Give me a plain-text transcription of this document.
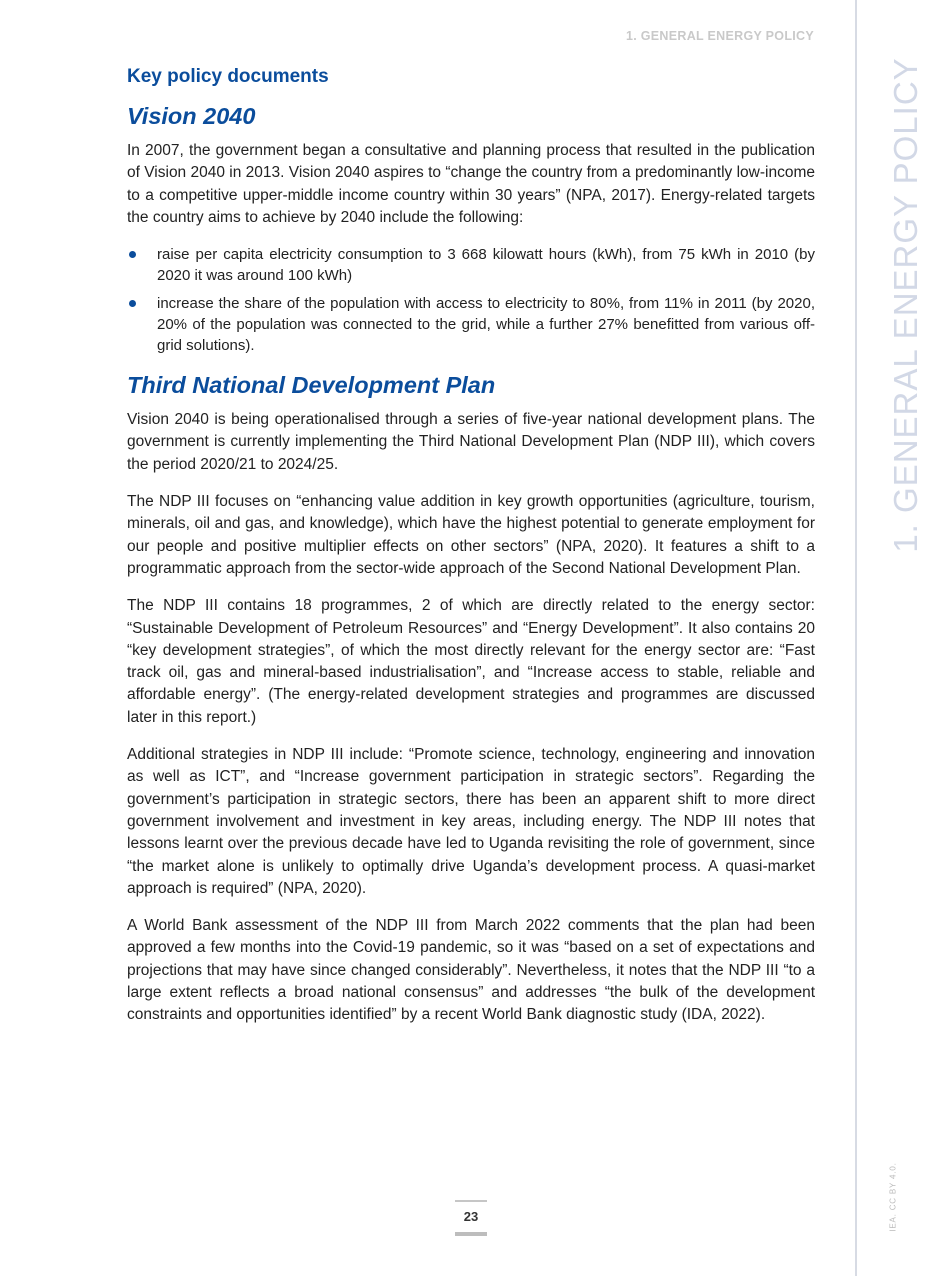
1. GENERAL ENERGY POLICY
Key policy documents
Vision 2040

In 2007, the government began a consultative and planning process that resulted in the publication of Vision 2040 in 2013. Vision 2040 aspires to “change the country from a predominantly low-income to a competitive upper-middle income country within 30 years” (NPA, 2017). Energy-related targets the country aims to achieve by 2040 include the following:

raise per capita electricity consumption to 3 668 kilowatt hours (kWh), from 75 kWh in 2010 (by 2020 it was around 100 kWh)
increase the share of the population with access to electricity to 80%, from 11% in 2011 (by 2020, 20% of the population was connected to the grid, while a further 27% benefitted from various off-grid solutions).
Third National Development Plan

Vision 2040 is being operationalised through a series of five-year national development plans. The government is currently implementing the Third National Development Plan (NDP III), which covers the period 2020/21 to 2024/25.

The NDP III focuses on “enhancing value addition in key growth opportunities (agriculture, tourism, minerals, oil and gas, and knowledge), which have the highest potential to generate employment for our people and positive multiplier effects on other sectors” (NPA, 2020). It features a shift to a programmatic approach from the sector-wide approach of the Second National Development Plan.

The NDP III contains 18 programmes, 2 of which are directly related to the energy sector: “Sustainable Development of Petroleum Resources” and “Energy Development”. It also contains 20 “key development strategies”, of which the most directly relevant for the energy sector are: “Fast track oil, gas and mineral-based industrialisation”, and “Increase access to stable, reliable and affordable energy”. (The energy-related development strategies and programmes are discussed later in this report.)

Additional strategies in NDP III include: “Promote science, technology, engineering and innovation as well as ICT”, and “Increase government participation in strategic sectors”. Regarding the government’s participation in strategic sectors, there has been an apparent shift to more direct government involvement and investment in key areas, including energy. The NDP III notes that lessons learnt over the previous decade have led to Uganda revisiting the role of government, since “the market alone is unlikely to optimally drive Uganda’s development process. A quasi-market approach is required” (NPA, 2020).

A World Bank assessment of the NDP III from March 2022 comments that the plan had been approved a few months into the Covid-19 pandemic, so it was “based on a set of expectations and projections that may have since changed considerably”. Nevertheless, it notes that the NDP III “to a large extent reflects a broad national consensus” and addresses “the bulk of the development constraints and opportunities identified” by a recent World Bank diagnostic study (IDA, 2022).

1. GENERAL ENERGY POLICY
IEA. CC BY 4.0.
23
